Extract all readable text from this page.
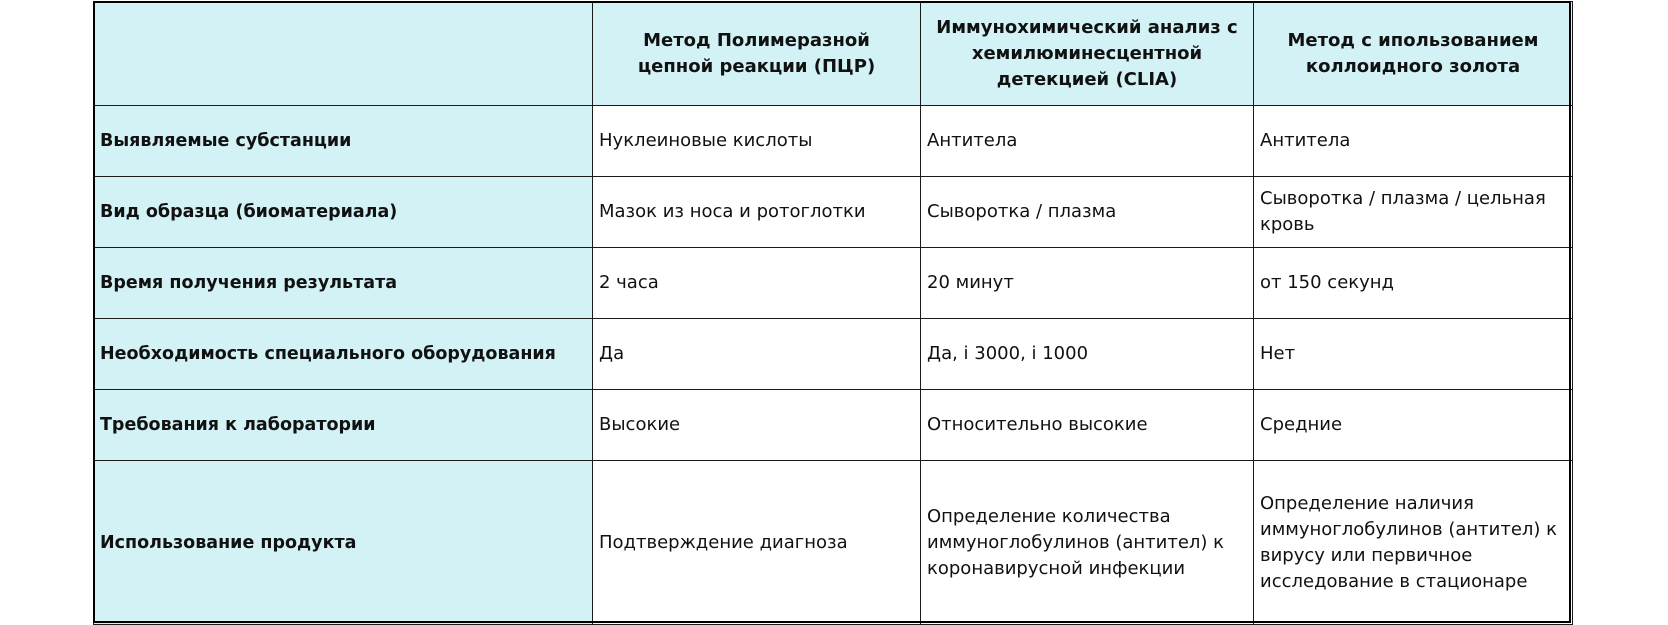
	Метод Полимеразной цепной реакции (ПЦР)	Иммунохимический анализ с хемилюминесцентной детекцией (CLIA)	Метод с ипользованием коллоидного золота
Выявляемые субстанции	Нуклеиновые кислоты	Антитела	Антитела
Вид образца (биоматериала)	Мазок из носа и ротоглотки	Сыворотка / плазма	Сыворотка / плазма / цельная кровь
Время получения результата	2 часа	20 минут	от 150 секунд
Необходимость специального оборудования	Да	Да, i 3000, i 1000	Нет
Требования к лаборатории	Высокие	Относительно высокие	Средние
Использование продукта	Подтверждение диагноза	Определение количества иммуноглобулинов (антител) к коронавирусной инфекции	Определение наличия иммуноглобулинов (антител) к вирусу или первичное исследование в стационаре
